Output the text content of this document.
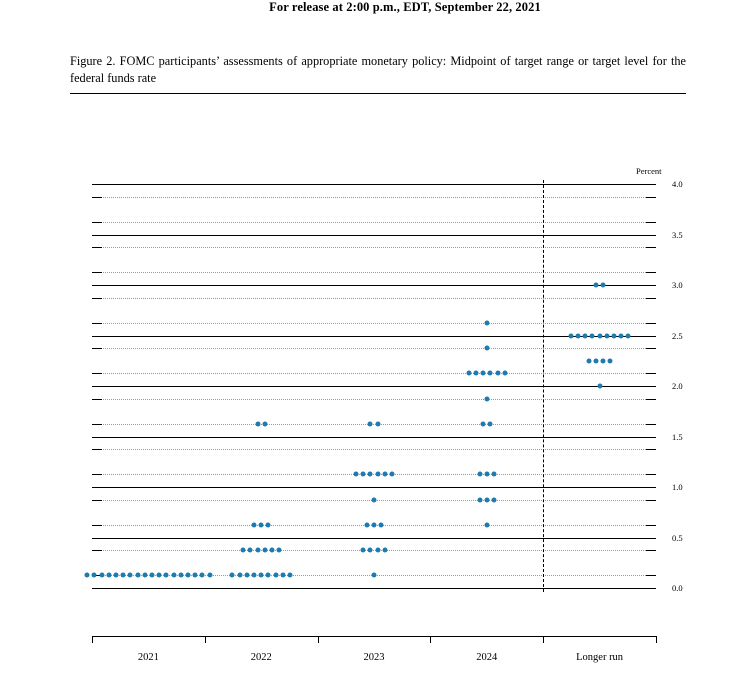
For release at 2:00 p.m., EDT, September 22, 2021
Figure 2. FOMC participants’ assessments of appropriate monetary policy: Midpoint of target range or target level for the federal funds rate
Percent
0.0
0.5
1.0
1.5
2.0
2.5
3.0
3.5
4.0
2021	2022	2023	2024	Longer run
